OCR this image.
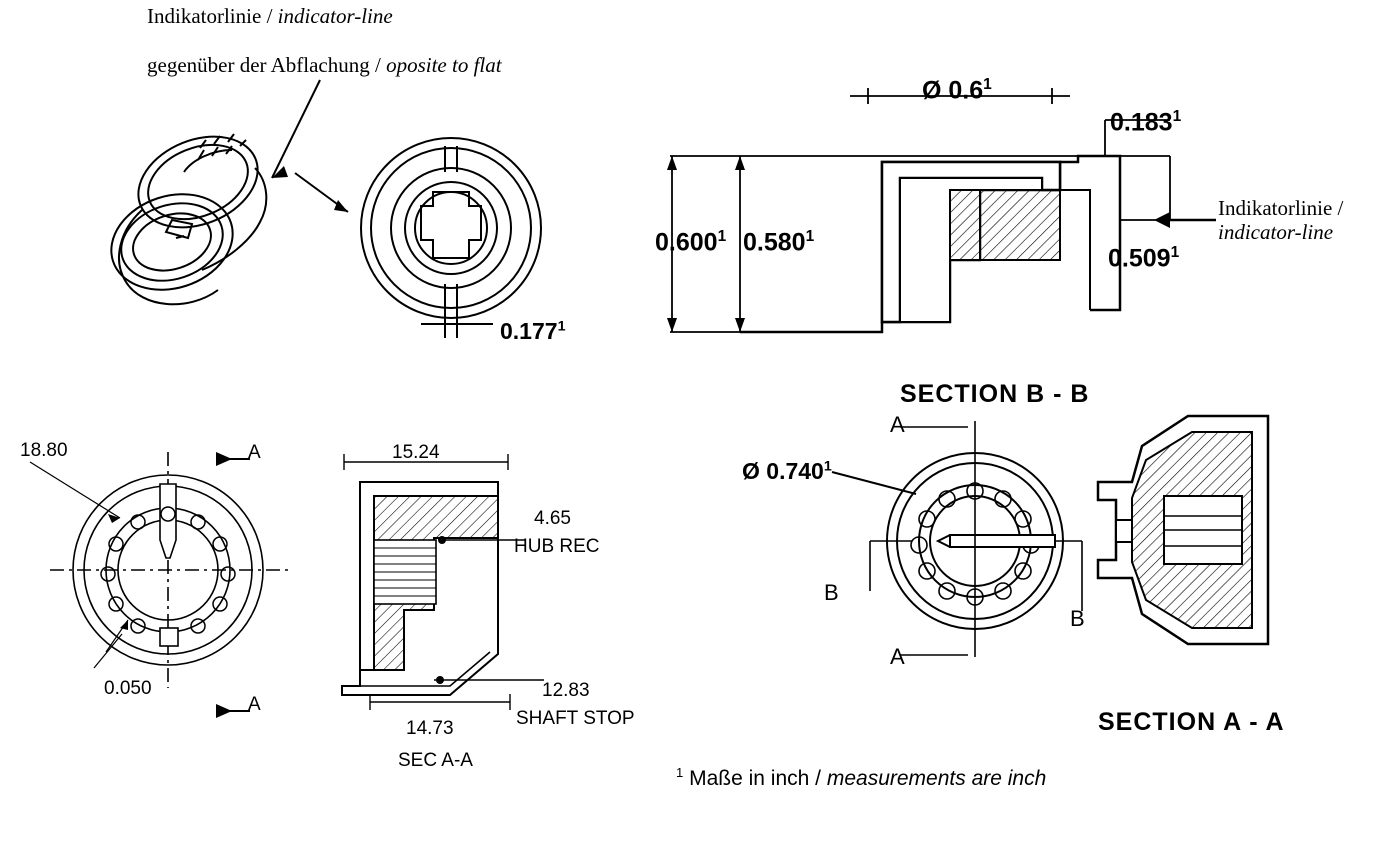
Indikatorlinie / indicator-line
gegenüber der Abflachung / oposite to flat
0.177$^1$
Ø $0.6^1$
0.183$^1$
0.600$^1$ 0.580$^1$
0.509$^1$
Indikatorlinie /
indicator-line
18.80
0.050
A
A
15.24
4.65
HUB REC
12.83
SHAFT STOP
14.73
SEC A-A
SECTION B - B
Ø 0.740$^1$
A
A
B
B
SECTION A - A
$^1$ Maße in inch / measurements are inch
